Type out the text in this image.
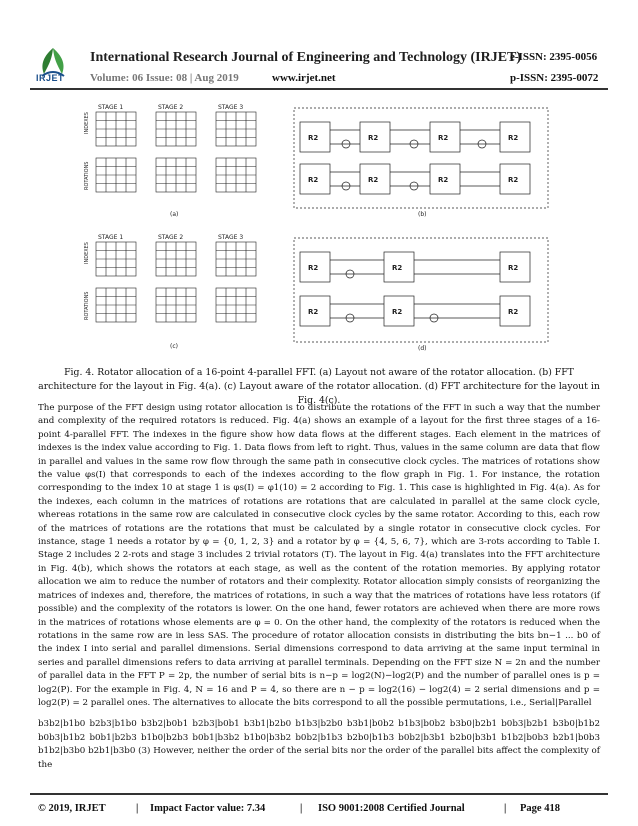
IRJET
International Research Journal of Engineering and Technology (IRJET)
e-ISSN: 2395-0056
Volume: 06 Issue: 08 | Aug 2019	www.irjet.net	p-ISSN: 2395-0072
STAGE 1	STAGE 2	STAGE 3
INDEXES
ROTATIONS
(a)
R2	R2	R2	R2
R2	R2	R2	R2
(b)
STAGE 1	STAGE 2	STAGE 3
INDEXES
ROTATIONS
(c)
R2	R2	R2
R2	R2	R2
(d)
Fig. 4. Rotator allocation of a 16-point 4-parallel FFT. (a) Layout not aware of the rotator allocation. (b) FFT architecture for the layout in Fig. 4(a). (c) Layout aware of the rotator allocation. (d) FFT architecture for the layout in Fig. 4(c).

The purpose of the FFT design using rotator allocation is to distribute the rotations of the FFT in such a way that the number and complexity of the required rotators is reduced. Fig. 4(a) shows an example of a layout for the first three stages of a 16-point 4-parallel FFT. The indexes in the figure show how data flows at the different stages. Each element in the matrices of indexes is the index value according to Fig. 1. Data flows from left to right. Thus, values in the same column are data that flow in parallel and values in the same row flow through the same path in consecutive clock cycles. The matrices of rotations show the value φs(I) that corresponds to each of the indexes according to the flow graph in Fig. 1. For instance, the rotation corresponding to the index 10 at stage 1 is φs(I) = φ1(10) = 2 according to Fig. 1. This case is highlighted in Fig. 4(a). As for the indexes, each column in the matrices of rotations are rotations that are calculated in parallel at the same clock cycle, whereas rotations in the same row are calculated in consecutive clock cycles by the same rotator. According to this, each row of the matrices of rotations are the rotations that must be calculated by a single rotator in consecutive clock cycles. For instance, stage 1 needs a rotator by φ = {0, 1, 2, 3} and a rotator by φ = {4, 5, 6, 7}, which are 3-rots according to Table I. Stage 2 includes 2 2-rots and stage 3 includes 2 trivial rotators (T). The layout in Fig. 4(a) translates into the FFT architecture in Fig. 4(b), which shows the rotators at each stage, as well as the content of the rotation memories. By applying rotator allocation we aim to reduce the number of rotators and their complexity. Rotator allocation simply consists of reorganizing the matrices of indexes and, therefore, the matrices of rotations, in such a way that the matrices of rotations have less rotators (if possible) and the complexity of the rotators is lower. On the one hand, fewer rotators are achieved when there are more rows in the matrices of rotations whose elements are φ = 0. On the other hand, the complexity of the rotators is reduced when the rotations in the same row are in less SAS. The procedure of rotator allocation consists in distributing the bits bn−1 ... b0 of the index I into serial and parallel dimensions. Serial dimensions correspond to data arriving at the same input terminal in series and parallel dimensions refers to data arriving at parallel terminals. Depending on the FFT size N = 2n and the number of parallel data in the FFT P = 2p, the number of serial bits is n−p = log2(N)−log2(P) and the number of parallel ones is p = log2(P). For the example in Fig. 4, N = 16 and P = 4, so there are n − p = log2(16) − log2(4) = 2 serial dimensions and p = log2(P) = 2 parallel ones. The alternatives to allocate the bits correspond to all the possible permutations, i.e., Serial|Parallel

b3b2|b1b0 b2b3|b1b0 b3b2|b0b1 b2b3|b0b1 b3b1|b2b0 b1b3|b2b0 b3b1|b0b2 b1b3|b0b2 b3b0|b2b1 b0b3|b2b1 b3b0|b1b2 b0b3|b1b2 b0b1|b2b3 b1b0|b2b3 b0b1|b3b2 b1b0|b3b2 b0b2|b1b3 b2b0|b1b3 b0b2|b3b1 b2b0|b3b1 b1b2|b0b3 b2b1|b0b3 b1b2|b3b0 b2b1|b3b0 (3) However, neither the order of the serial bits nor the order of the parallel bits affect the complexity of the

© 2019, IRJET	| Impact Factor value: 7.34	| ISO 9001:2008 Certified Journal	| Page 418
